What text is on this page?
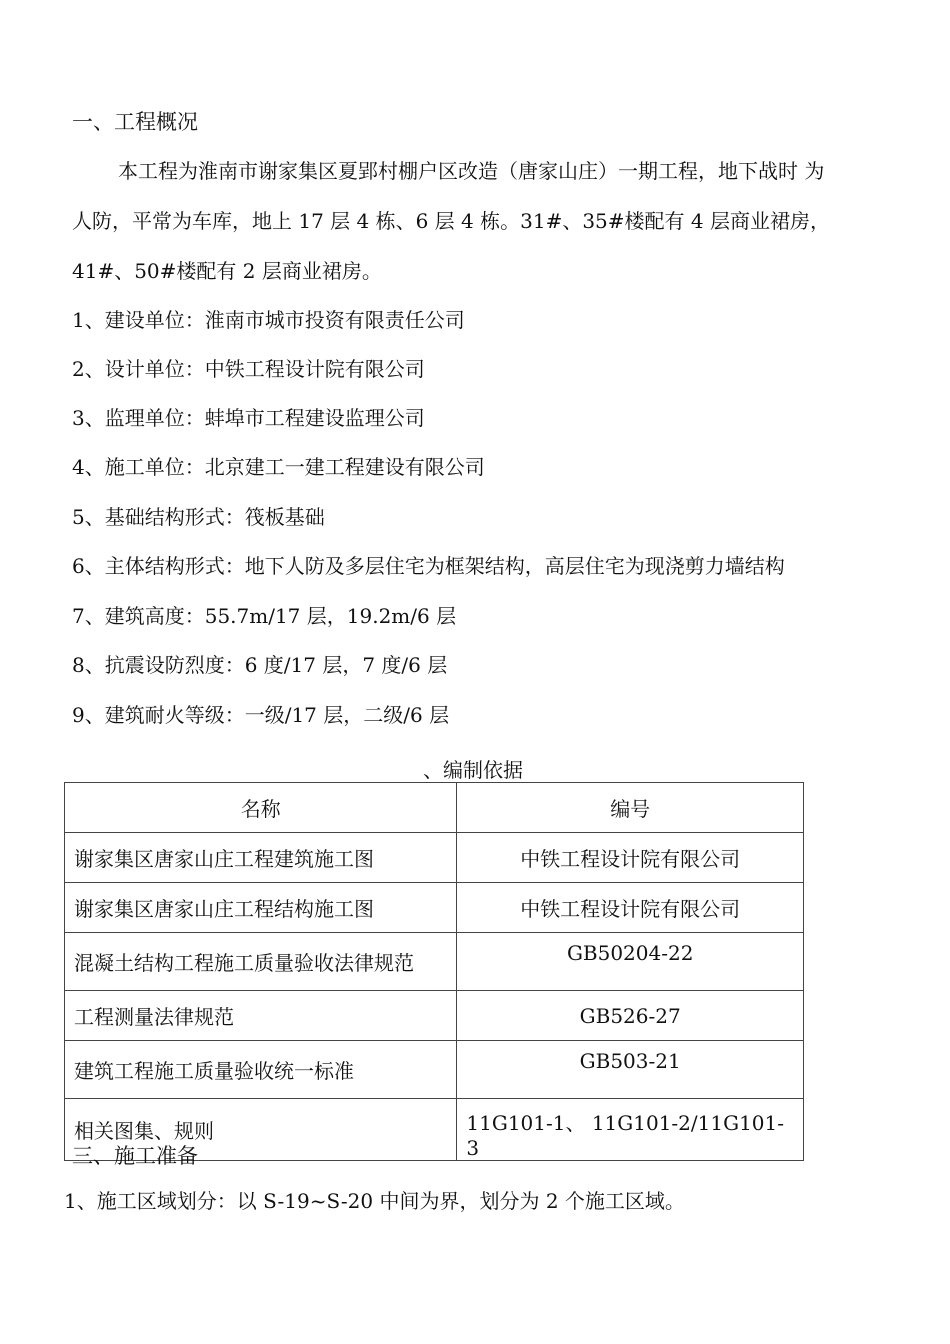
一、工程概况
本工程为淮南市谢家集区夏郢村棚户区改造（唐家山庄）一期工程，地下战时 为
人防，平常为车库，地上 17 层 4 栋、6 层 4 栋。31#、35#楼配有 4 层商业裙房，
41#、50#楼配有 2 层商业裙房。
1、建设单位：淮南市城市投资有限责任公司
2、设计单位：中铁工程设计院有限公司
3、监理单位：蚌埠市工程建设监理公司
4、施工单位：北京建工一建工程建设有限公司
5、基础结构形式：筏板基础
6、主体结构形式：地下人防及多层住宅为框架结构，高层住宅为现浇剪力墙结构
7、建筑高度：55.7m/17 层，19.2m/6 层
8、抗震设防烈度：6 度/17 层，7 度/6 层
9、建筑耐火等级：一级/17 层，二级/6 层
、编制依据
名称	编号
谢家集区唐家山庄工程建筑施工图	中铁工程设计院有限公司
谢家集区唐家山庄工程结构施工图	中铁工程设计院有限公司
混凝土结构工程施工质量验收法律规范	GB50204-22
工程测量法律规范	GB526-27
建筑工程施工质量验收统一标准	GB503-21
相关图集、规则	11G101-1、 11G101-2/11G101-3
三、施工准备
1、施工区域划分：以 S-19~S-20 中间为界，划分为 2 个施工区域。
